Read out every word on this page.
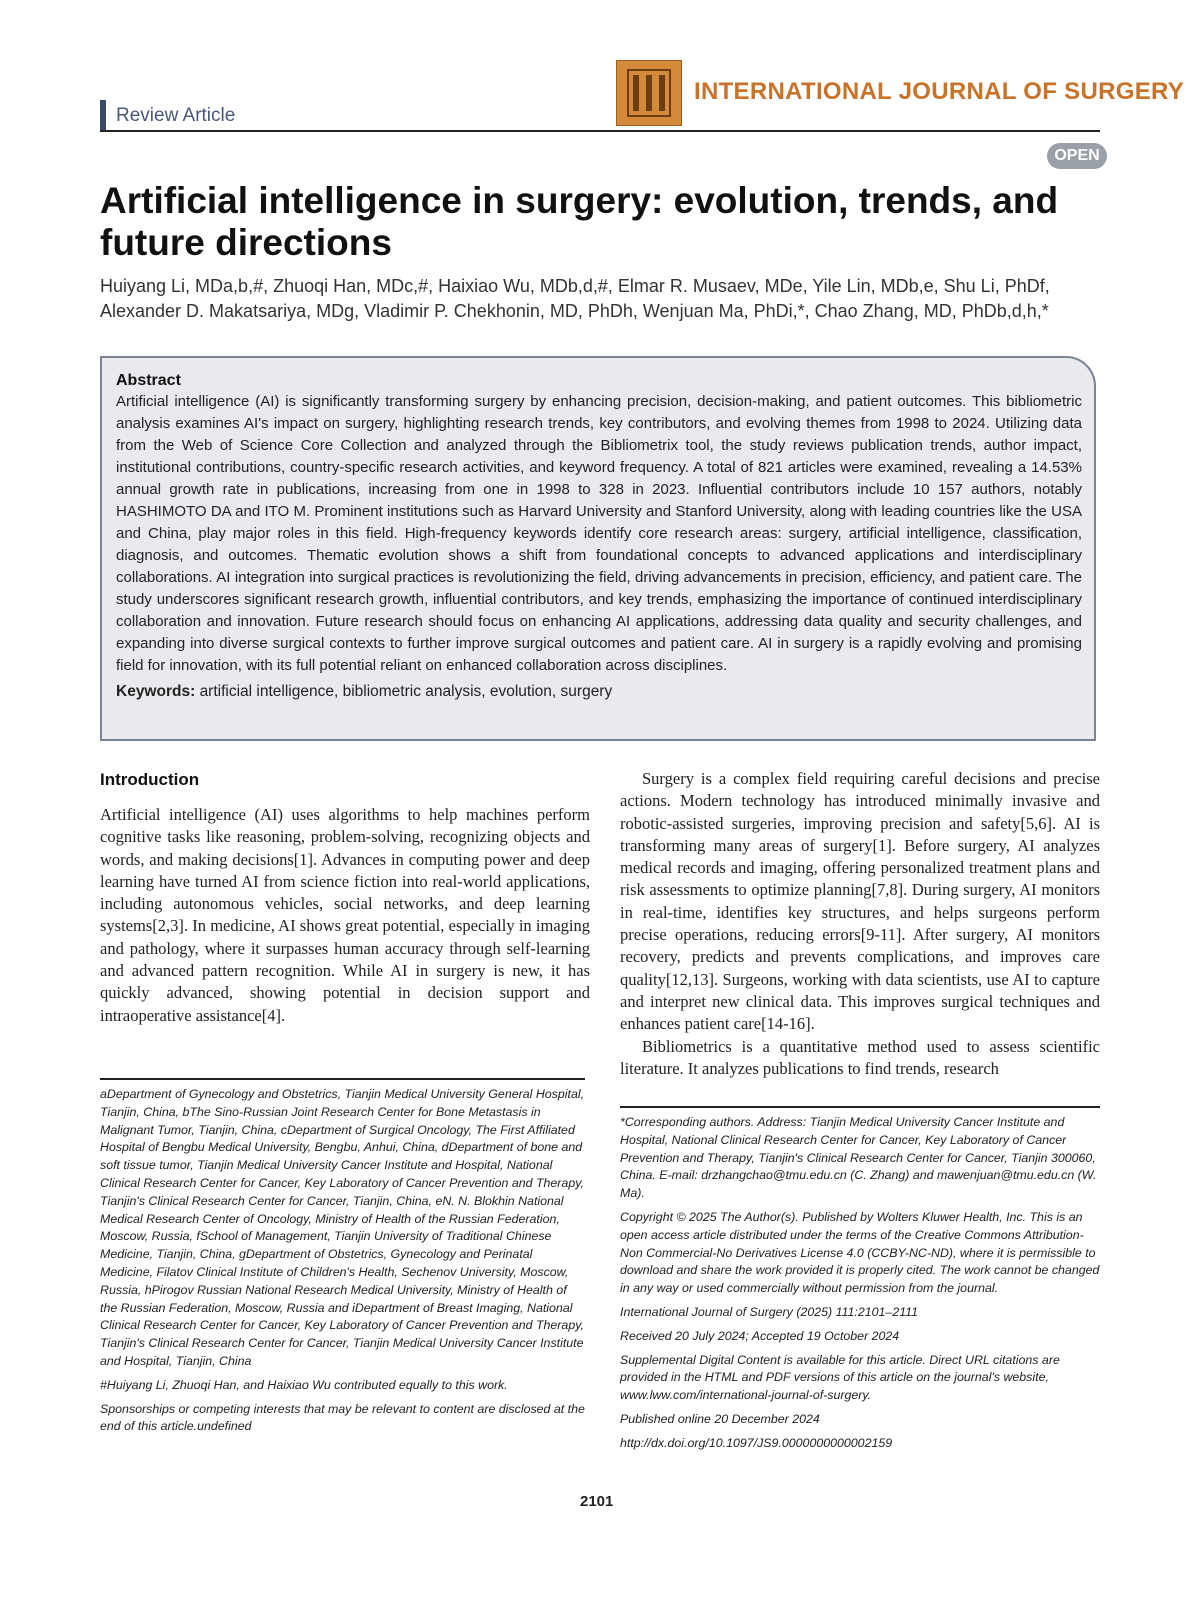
Review Article
INTERNATIONAL JOURNAL OF SURGERY
OPEN
Artificial intelligence in surgery: evolution, trends, and future directions
Huiyang Li, MDa,b,#, Zhuoqi Han, MDc,#, Haixiao Wu, MDb,d,#, Elmar R. Musaev, MDe, Yile Lin, MDb,e, Shu Li, PhDf,
Alexander D. Makatsariya, MDg, Vladimir P. Chekhonin, MD, PhDh, Wenjuan Ma, PhDi,*, Chao Zhang, MD, PhDb,d,h,*
Abstract
Artificial intelligence (AI) is significantly transforming surgery by enhancing precision, decision-making, and patient outcomes. This bibliometric analysis examines AI's impact on surgery, highlighting research trends, key contributors, and evolving themes from 1998 to 2024. Utilizing data from the Web of Science Core Collection and analyzed through the Bibliometrix tool, the study reviews publication trends, author impact, institutional contributions, country-specific research activities, and keyword frequency. A total of 821 articles were examined, revealing a 14.53% annual growth rate in publications, increasing from one in 1998 to 328 in 2023. Influential contributors include 10 157 authors, notably HASHIMOTO DA and ITO M. Prominent institutions such as Harvard University and Stanford University, along with leading countries like the USA and China, play major roles in this field. High-frequency keywords identify core research areas: surgery, artificial intelligence, classification, diagnosis, and outcomes. Thematic evolution shows a shift from foundational concepts to advanced applications and interdisciplinary collaborations. AI integration into surgical practices is revolutionizing the field, driving advancements in precision, efficiency, and patient care. The study underscores significant research growth, influential contributors, and key trends, emphasizing the importance of continued interdisciplinary collaboration and innovation. Future research should focus on enhancing AI applications, addressing data quality and security challenges, and expanding into diverse surgical contexts to further improve surgical outcomes and patient care. AI in surgery is a rapidly evolving and promising field for innovation, with its full potential reliant on enhanced collaboration across disciplines.
Keywords: artificial intelligence, bibliometric analysis, evolution, surgery
Introduction

Artificial intelligence (AI) uses algorithms to help machines perform cognitive tasks like reasoning, problem-solving, recognizing objects and words, and making decisions[1]. Advances in computing power and deep learning have turned AI from science fiction into real-world applications, including autonomous vehicles, social networks, and deep learning systems[2,3]. In medicine, AI shows great potential, especially in imaging and pathology, where it surpasses human accuracy through self-learning and advanced pattern recognition. While AI in surgery is new, it has quickly advanced, showing potential in decision support and intraoperative assistance[4].

Surgery is a complex field requiring careful decisions and precise actions. Modern technology has introduced minimally invasive and robotic-assisted surgeries, improving precision and safety[5,6]. AI is transforming many areas of surgery[1]. Before surgery, AI analyzes medical records and imaging, offering personalized treatment plans and risk assessments to optimize planning[7,8]. During surgery, AI monitors in real-time, identifies key structures, and helps surgeons perform precise operations, reducing errors[9-11]. After surgery, AI monitors recovery, predicts and prevents complications, and improves care quality[12,13]. Surgeons, working with data scientists, use AI to capture and interpret new clinical data. This improves surgical techniques and enhances patient care[14-16].

Bibliometrics is a quantitative method used to assess scientific literature. It analyzes publications to find trends, research

aDepartment of Gynecology and Obstetrics, Tianjin Medical University General Hospital, Tianjin, China, bThe Sino-Russian Joint Research Center for Bone Metastasis in Malignant Tumor, Tianjin, China, cDepartment of Surgical Oncology, The First Affiliated Hospital of Bengbu Medical University, Bengbu, Anhui, China, dDepartment of bone and soft tissue tumor, Tianjin Medical University Cancer Institute and Hospital, National Clinical Research Center for Cancer, Key Laboratory of Cancer Prevention and Therapy, Tianjin's Clinical Research Center for Cancer, Tianjin, China, eN. N. Blokhin National Medical Research Center of Oncology, Ministry of Health of the Russian Federation, Moscow, Russia, fSchool of Management, Tianjin University of Traditional Chinese Medicine, Tianjin, China, gDepartment of Obstetrics, Gynecology and Perinatal Medicine, Filatov Clinical Institute of Children's Health, Sechenov University, Moscow, Russia, hPirogov Russian National Research Medical University, Ministry of Health of the Russian Federation, Moscow, Russia and iDepartment of Breast Imaging, National Clinical Research Center for Cancer, Key Laboratory of Cancer Prevention and Therapy, Tianjin's Clinical Research Center for Cancer, Tianjin Medical University Cancer Institute and Hospital, Tianjin, China

#Huiyang Li, Zhuoqi Han, and Haixiao Wu contributed equally to this work.

Sponsorships or competing interests that may be relevant to content are disclosed at the end of this article.undefined

*Corresponding authors. Address: Tianjin Medical University Cancer Institute and Hospital, National Clinical Research Center for Cancer, Key Laboratory of Cancer Prevention and Therapy, Tianjin's Clinical Research Center for Cancer, Tianjin 300060, China. E-mail: drzhangchao@tmu.edu.cn (C. Zhang) and mawenjuan@tmu.edu.cn (W. Ma).

Copyright © 2025 The Author(s). Published by Wolters Kluwer Health, Inc. This is an open access article distributed under the terms of the Creative Commons Attribution-Non Commercial-No Derivatives License 4.0 (CCBY-NC-ND), where it is permissible to download and share the work provided it is properly cited. The work cannot be changed in any way or used commercially without permission from the journal.

International Journal of Surgery (2025) 111:2101–2111

Received 20 July 2024; Accepted 19 October 2024

Supplemental Digital Content is available for this article. Direct URL citations are provided in the HTML and PDF versions of this article on the journal's website, www.lww.com/international-journal-of-surgery.

Published online 20 December 2024

http://dx.doi.org/10.1097/JS9.0000000000002159

2101
